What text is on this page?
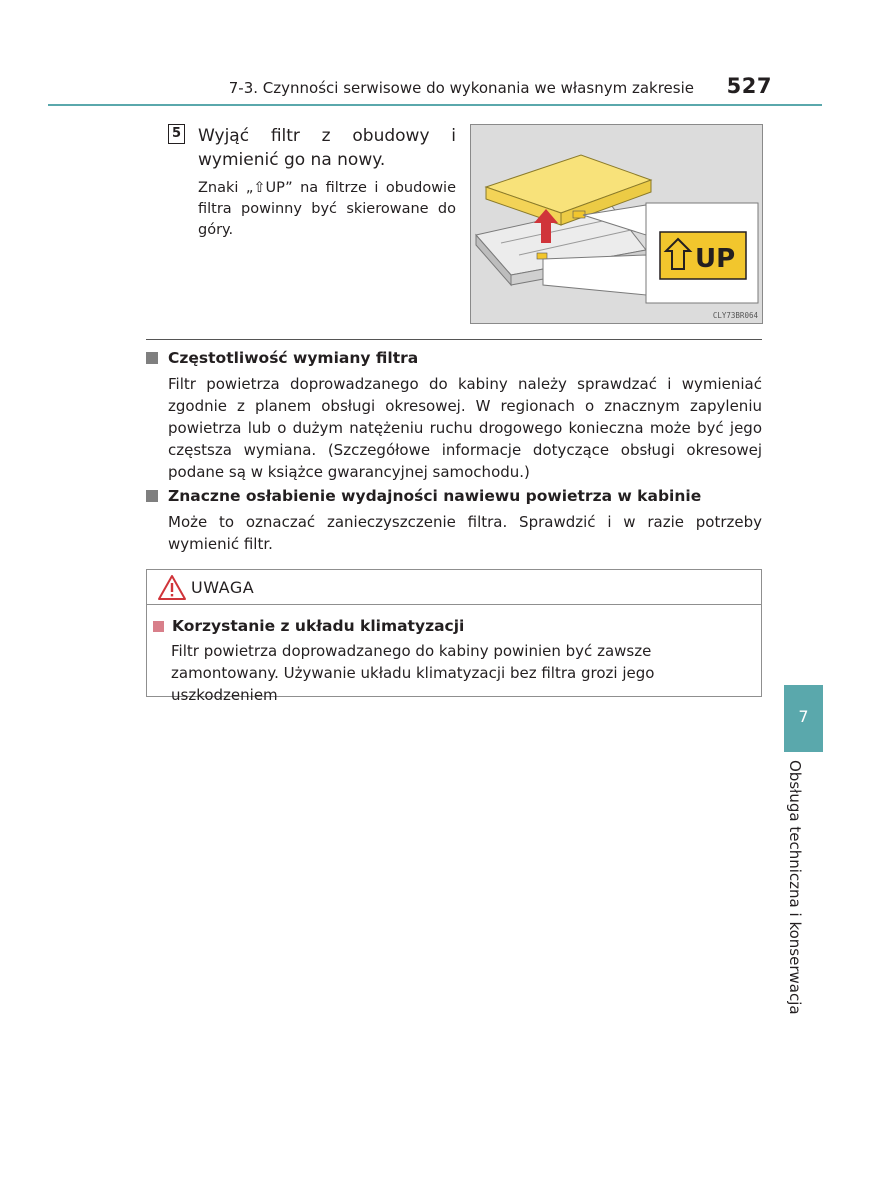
7-3. Czynności serwisowe do wykonania we własnym zakresie 527
5 Wyjąć filtr z obudowy i wymienić go na nowy.
Znaki „⇧UP” na filtrze i obudowie filtra powinny być skierowane do góry.
UP
CLY73BR064
Częstotliwość wymiany filtra
Filtr powietrza doprowadzanego do kabiny należy sprawdzać i wymieniać zgodnie z planem obsługi okresowej. W regionach o znacznym zapyleniu powietrza lub o dużym natężeniu ruchu drogowego konieczna może być jego częstsza wymiana. (Szczegółowe informacje dotyczące obsługi okresowej podane są w książce gwarancyjnej samochodu.)
Znaczne osłabienie wydajności nawiewu powietrza w kabinie
Może to oznaczać zanieczyszczenie filtra. Sprawdzić i w razie potrzeby wymienić filtr.
UWAGA
Korzystanie z układu klimatyzacji
Filtr powietrza doprowadzanego do kabiny powinien być zawsze zamontowany. Używanie układu klimatyzacji bez filtra grozi jego uszkodzeniem
7
Obsługa techniczna i konserwacja
